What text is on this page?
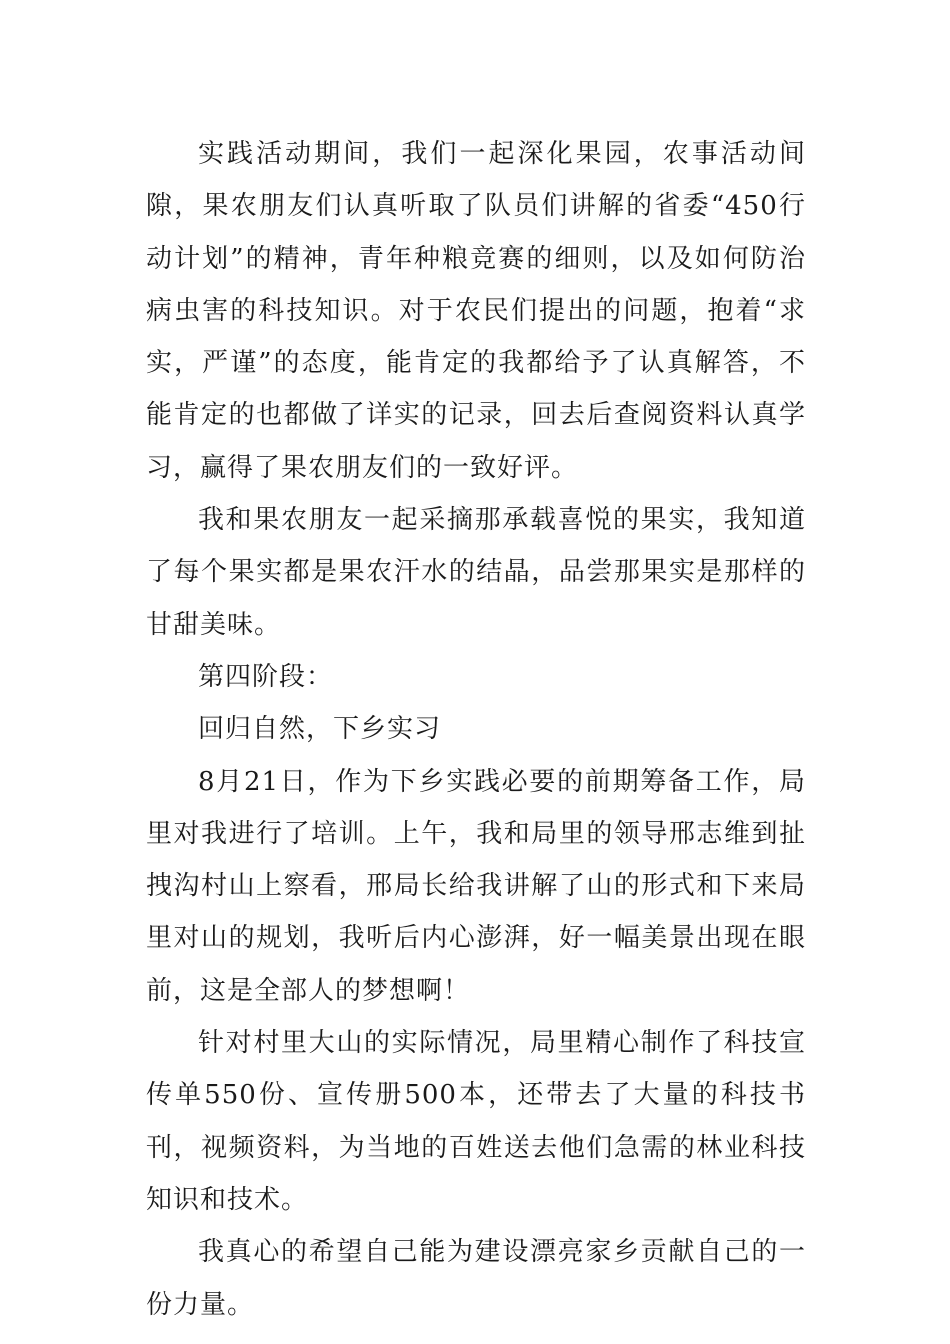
实践活动期间，我们一起深化果园，农事活动间隙，果农朋友们认真听取了队员们讲解的省委“450行动计划”的精神，青年种粮竞赛的细则，以及如何防治病虫害的科技知识。对于农民们提出的问题，抱着“求实，严谨”的态度，能肯定的我都给予了认真解答，不能肯定的也都做了详实的记录，回去后查阅资料认真学习，赢得了果农朋友们的一致好评。

我和果农朋友一起采摘那承载喜悦的果实，我知道了每个果实都是果农汗水的结晶，品尝那果实是那样的甘甜美味。

第四阶段：

回归自然，下乡实习

8月21日，作为下乡实践必要的前期筹备工作，局里对我进行了培训。上午，我和局里的领导邢志维到扯拽沟村山上察看，邢局长给我讲解了山的形式和下来局里对山的规划，我听后内心澎湃，好一幅美景出现在眼前，这是全部人的梦想啊！

针对村里大山的实际情况，局里精心制作了科技宣传单550份、宣传册500本，还带去了大量的科技书刊，视频资料，为当地的百姓送去他们急需的林业科技知识和技术。

我真心的希望自己能为建设漂亮家乡贡献自己的一份力量。
